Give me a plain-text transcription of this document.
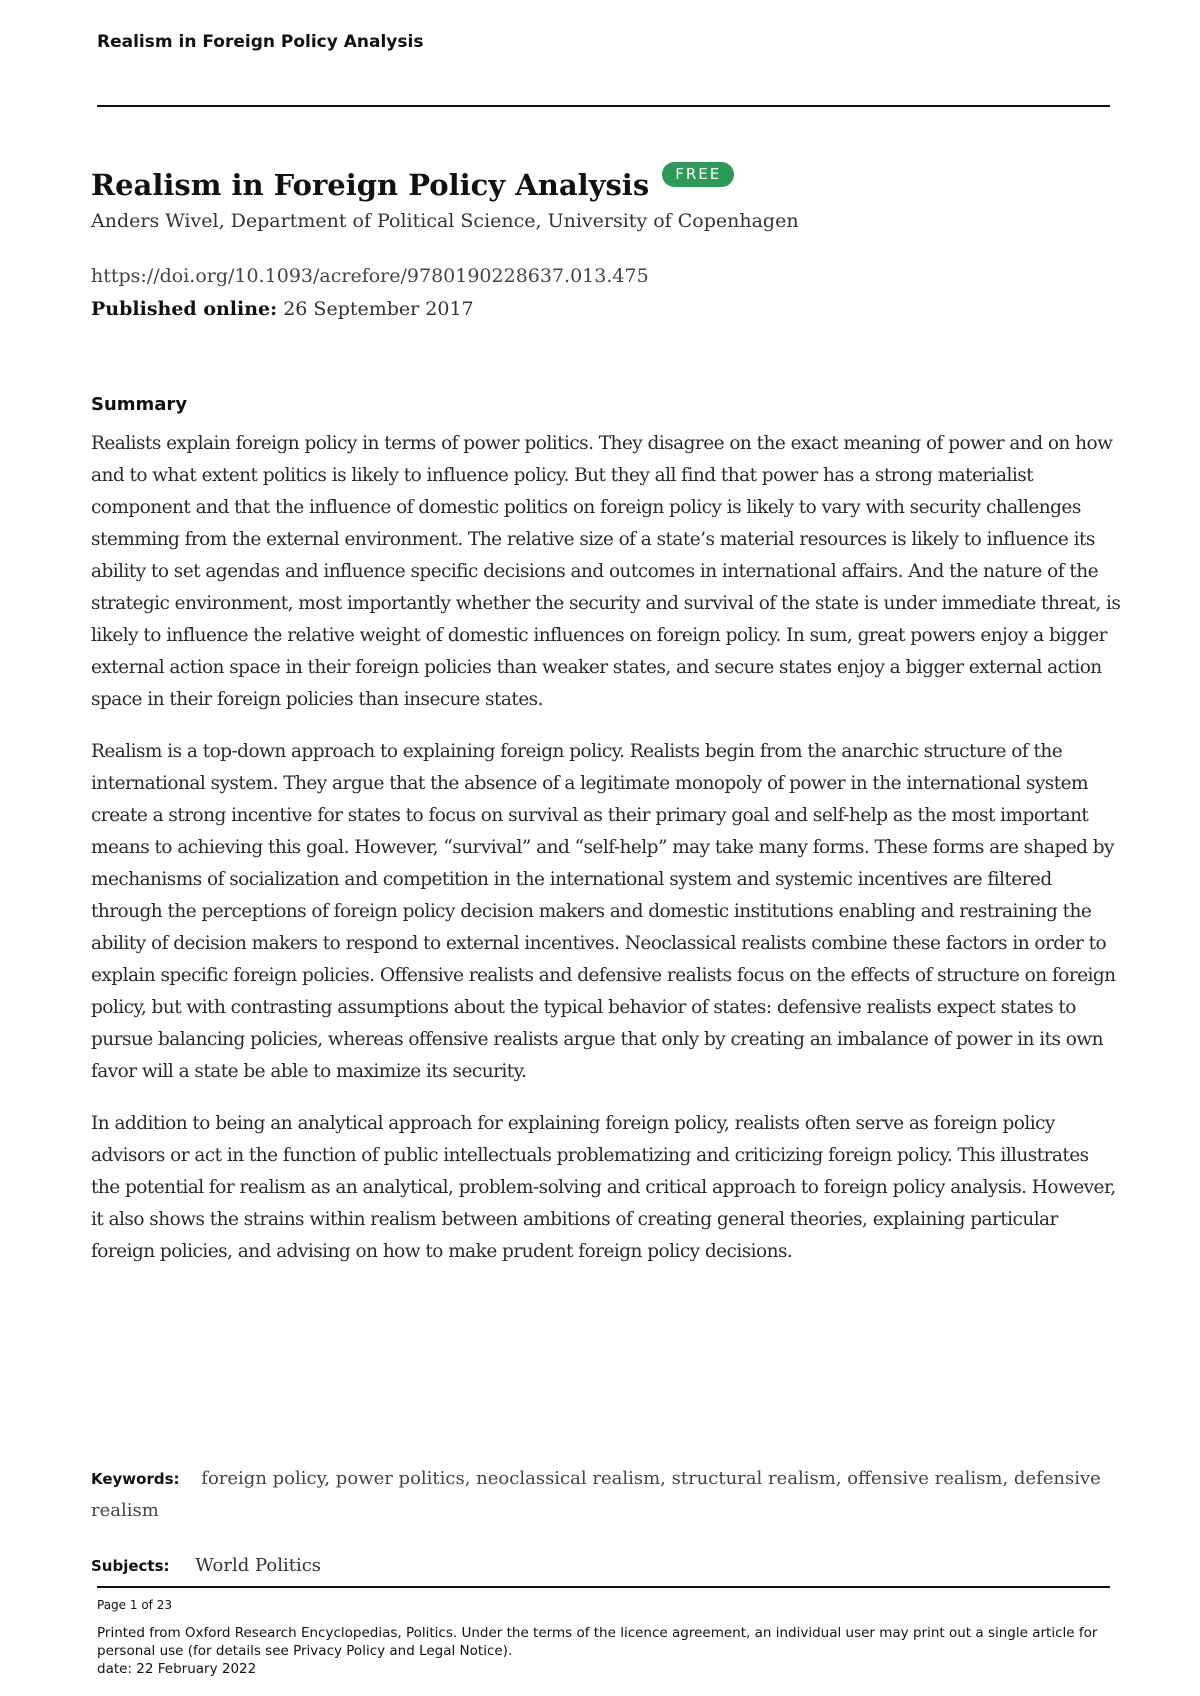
Realism in Foreign Policy Analysis
Realism in Foreign Policy Analysis FREE
Anders Wivel, Department of Political Science, University of Copenhagen
https://doi.org/10.1093/acrefore/9780190228637.013.475
Published online: 26 September 2017
Summary

Realists explain foreign policy in terms of power politics. They disagree on the exact meaning of power and on how and to what extent politics is likely to influence policy. But they all find that power has a strong materialist component and that the influence of domestic politics on foreign policy is likely to vary with security challenges stemming from the external environment. The relative size of a state’s material resources is likely to influence its ability to set agendas and influence specific decisions and outcomes in international affairs. And the nature of the strategic environment, most importantly whether the security and survival of the state is under immediate threat, is likely to influence the relative weight of domestic influences on foreign policy. In sum, great powers enjoy a bigger external action space in their foreign policies than weaker states, and secure states enjoy a bigger external action space in their foreign policies than insecure states.

Realism is a top-down approach to explaining foreign policy. Realists begin from the anarchic structure of the international system. They argue that the absence of a legitimate monopoly of power in the international system create a strong incentive for states to focus on survival as their primary goal and self-help as the most important means to achieving this goal. However, “survival” and “self-help” may take many forms. These forms are shaped by mechanisms of socialization and competition in the international system and systemic incentives are filtered through the perceptions of foreign policy decision makers and domestic institutions enabling and restraining the ability of decision makers to respond to external incentives. Neoclassical realists combine these factors in order to explain specific foreign policies. Offensive realists and defensive realists focus on the effects of structure on foreign policy, but with contrasting assumptions about the typical behavior of states: defensive realists expect states to pursue balancing policies, whereas offensive realists argue that only by creating an imbalance of power in its own favor will a state be able to maximize its security.

In addition to being an analytical approach for explaining foreign policy, realists often serve as foreign policy advisors or act in the function of public intellectuals problematizing and criticizing foreign policy. This illustrates the potential for realism as an analytical, problem-solving and critical approach to foreign policy analysis. However, it also shows the strains within realism between ambitions of creating general theories, explaining particular foreign policies, and advising on how to make prudent foreign policy decisions.

Keywords: foreign policy, power politics, neoclassical realism, structural realism, offensive realism, defensive realism
Subjects: World Politics
Page 1 of 23
Printed from Oxford Research Encyclopedias, Politics. Under the terms of the licence agreement, an individual user may print out a single article for personal use (for details see Privacy Policy and Legal Notice).
date: 22 February 2022
